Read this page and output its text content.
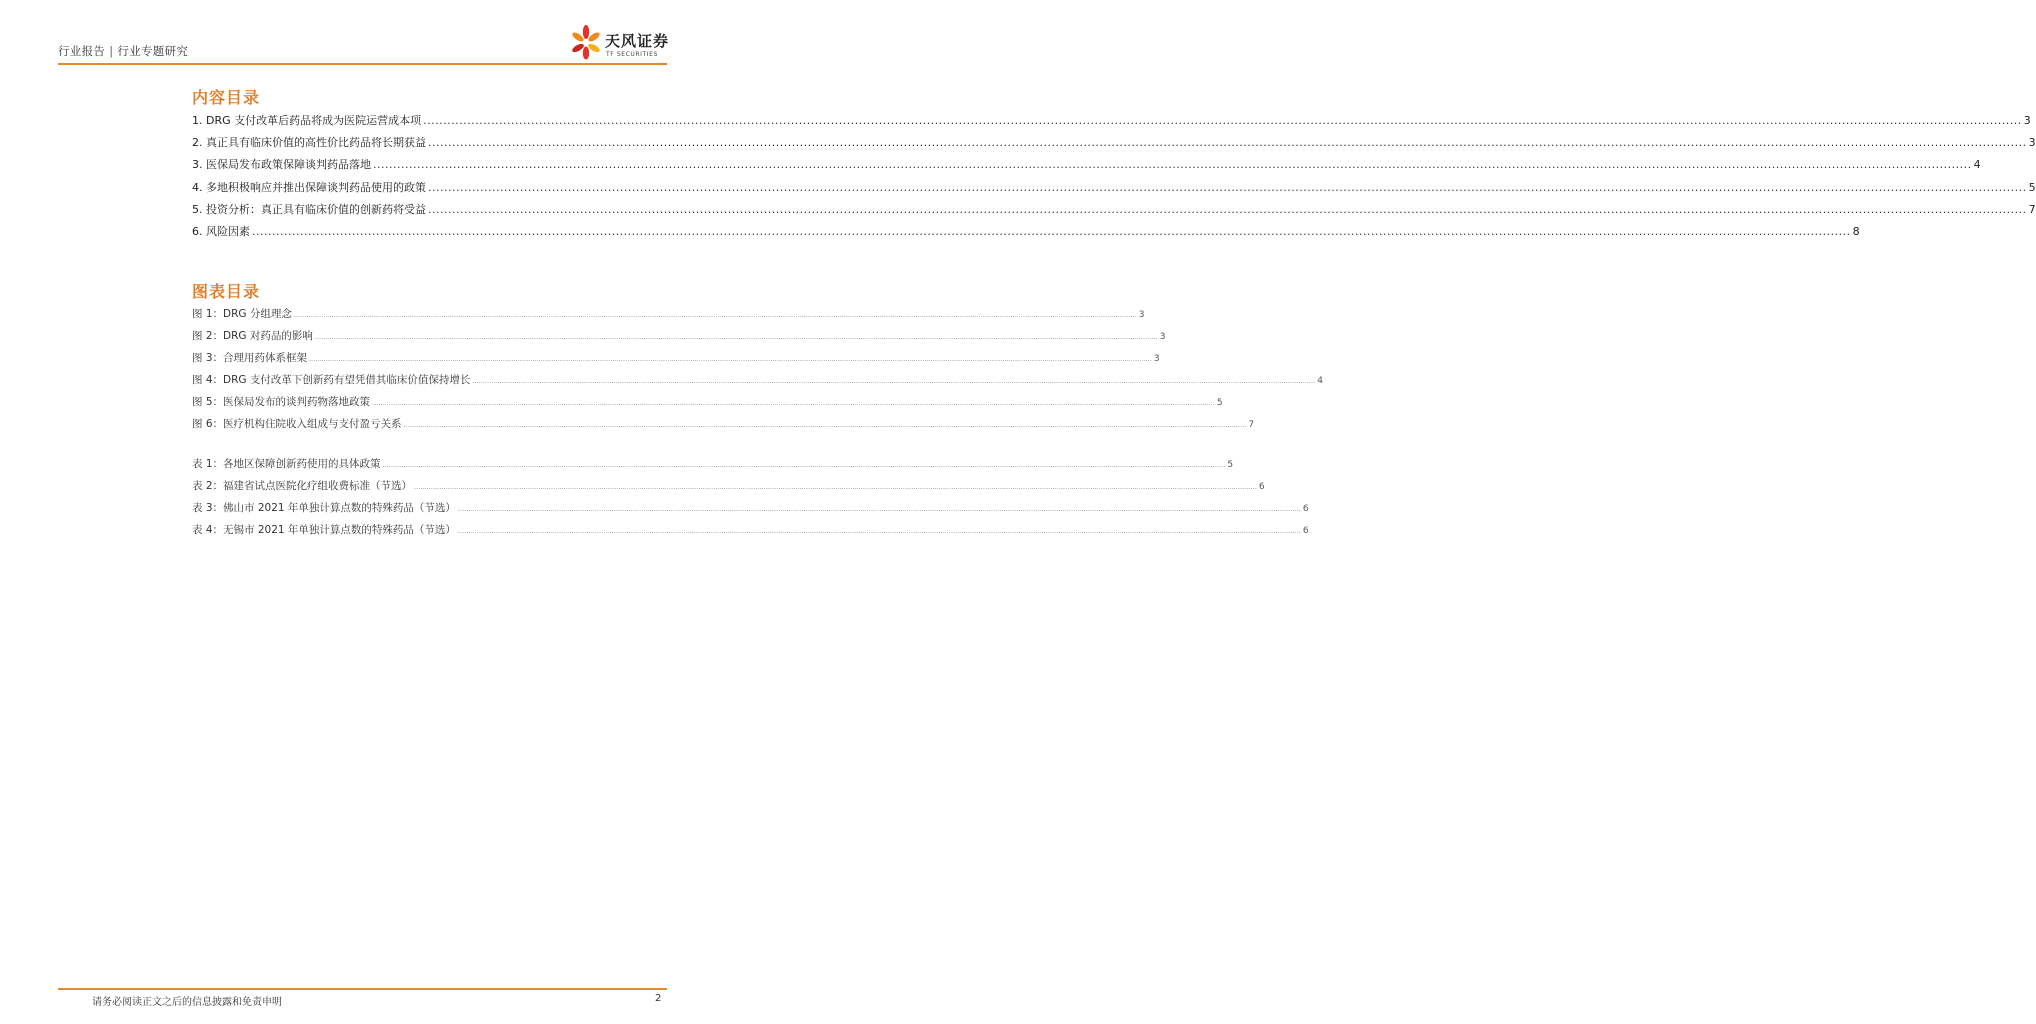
行业报告 | 行业专题研究
天风证券
TF SECURITIES
内容目录
1. DRG 支付改革后药品将成为医院运营成本项 ................................................................................................................................................................................................................................................................................................................................................................................................................ 3
2. 真正具有临床价值的高性价比药品将长期获益 ................................................................................................................................................................................................................................................................................................................................................................................................................ 3
3. 医保局发布政策保障谈判药品落地 ................................................................................................................................................................................................................................................................................................................................................................................................................ 4
4. 多地积极响应并推出保障谈判药品使用的政策 ................................................................................................................................................................................................................................................................................................................................................................................................................ 5
5. 投资分析：真正具有临床价值的创新药将受益 ................................................................................................................................................................................................................................................................................................................................................................................................................ 7
6. 风险因素 ................................................................................................................................................................................................................................................................................................................................................................................................................ 8
图表目录
图 1：DRG 分组理念 ................................................................................................................................................................................................................................................................................................................................................................................................................ 3
图 2：DRG 对药品的影响 ................................................................................................................................................................................................................................................................................................................................................................................................................ 3
图 3：合理用药体系框架 ................................................................................................................................................................................................................................................................................................................................................................................................................ 3
图 4：DRG 支付改革下创新药有望凭借其临床价值保持增长 ................................................................................................................................................................................................................................................................................................................................................................................................................ 4
图 5：医保局发布的谈判药物落地政策 ................................................................................................................................................................................................................................................................................................................................................................................................................ 5
图 6：医疗机构住院收入组成与支付盈亏关系 ................................................................................................................................................................................................................................................................................................................................................................................................................ 7
表 1：各地区保障创新药使用的具体政策 ................................................................................................................................................................................................................................................................................................................................................................................................................ 5
表 2：福建省试点医院化疗组收费标准（节选） ................................................................................................................................................................................................................................................................................................................................................................................................................ 6
表 3：佛山市 2021 年单独计算点数的特殊药品（节选） ................................................................................................................................................................................................................................................................................................................................................................................................................ 6
表 4：无锡市 2021 年单独计算点数的特殊药品（节选） ................................................................................................................................................................................................................................................................................................................................................................................................................ 6
请务必阅读正文之后的信息披露和免责申明	2
